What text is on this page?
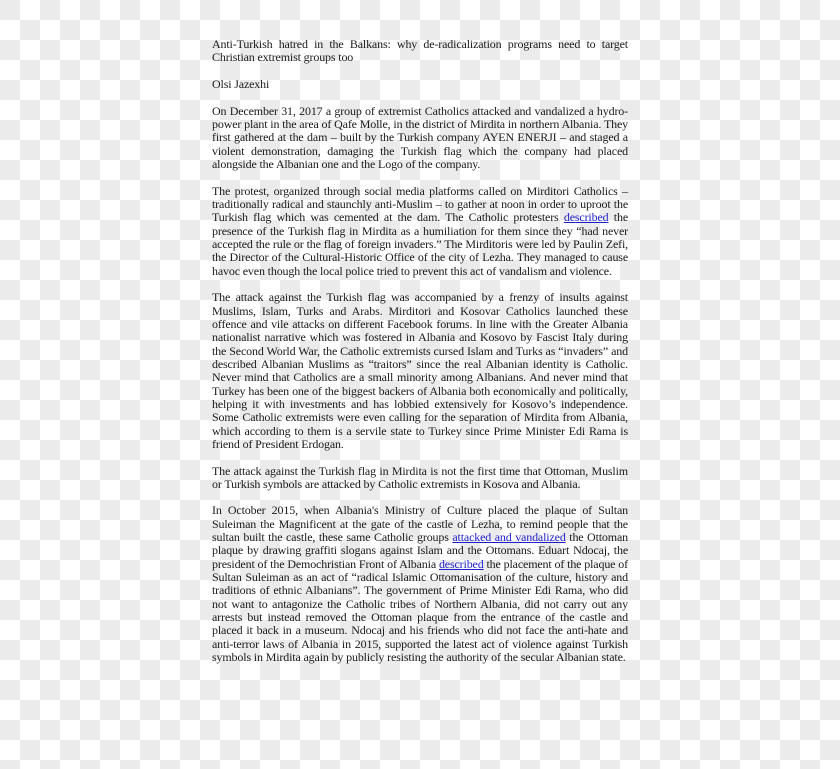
Anti-Turkish hatred in the Balkans: why de-radicalization programs need to target Christian extremist groups too

Olsi Jazexhi

On December 31, 2017 a group of extremist Catholics attacked and vandalized a hydro-power plant in the area of Qafe Molle, in the district of Mirdita in northern Albania. They first gathered at the dam – built by the Turkish company AYEN ENERJI – and staged a violent demonstration, damaging the Turkish flag which the company had placed alongside the Albanian one and the Logo of the company.

The protest, organized through social media platforms called on Mirditori Catholics – traditionally radical and staunchly anti-Muslim – to gather at noon in order to uproot the Turkish flag which was cemented at the dam. The Catholic protesters described the presence of the Turkish flag in Mirdita as a humiliation for them since they “had never accepted the rule or the flag of foreign invaders.” The Mirditoris were led by Paulin Zefi, the Director of the Cultural-Historic Office of the city of Lezha. They managed to cause havoc even though the local police tried to prevent this act of vandalism and violence.

The attack against the Turkish flag was accompanied by a frenzy of insults against Muslims, Islam, Turks and Arabs. Mirditori and Kosovar Catholics launched these offence and vile attacks on different Facebook forums. In line with the Greater Albania nationalist narrative which was fostered in Albania and Kosovo by Fascist Italy during the Second World War, the Catholic extremists cursed Islam and Turks as “invaders” and described Albanian Muslims as “traitors” since the real Albanian identity is Catholic. Never mind that Catholics are a small minority among Albanians. And never mind that Turkey has been one of the biggest backers of Albania both economically and politically, helping it with investments and has lobbied extensively for Kosovo’s independence. Some Catholic extremists were even calling for the separation of Mirdita from Albania, which according to them is a servile state to Turkey since Prime Minister Edi Rama is friend of President Erdogan.

The attack against the Turkish flag in Mirdita is not the first time that Ottoman, Muslim or Turkish symbols are attacked by Catholic extremists in Kosova and Albania.

In October 2015, when Albania's Ministry of Culture placed the plaque of Sultan Suleiman the Magnificent at the gate of the castle of Lezha, to remind people that the sultan built the castle, these same Catholic groups attacked and vandalized the Ottoman plaque by drawing graffiti slogans against Islam and the Ottomans. Eduart Ndocaj, the president of the Demochristian Front of Albania described the placement of the plaque of Sultan Suleiman as an act of “radical Islamic Ottomanisation of the culture, history and traditions of ethnic Albanians”. The government of Prime Minister Edi Rama, who did not want to antagonize the Catholic tribes of Northern Albania, did not carry out any arrests but instead removed the Ottoman plaque from the entrance of the castle and placed it back in a museum. Ndocaj and his friends who did not face the anti-hate and anti-terror laws of Albania in 2015, supported the latest act of violence against Turkish symbols in Mirdita again by publicly resisting the authority of the secular Albanian state.
